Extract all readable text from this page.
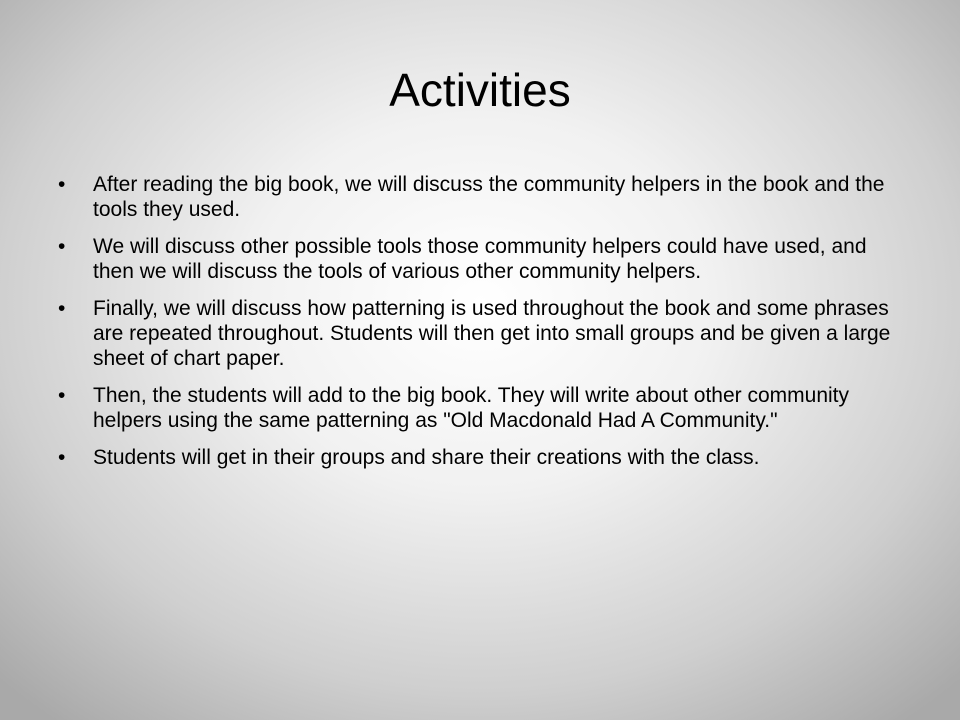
Activities
•	After reading the big book, we will discuss the community helpers in the book and the tools they used.
•	We will discuss other possible tools those community helpers could have used, and then we will discuss the tools of various other community helpers.
•	Finally, we will discuss how patterning is used throughout the book and some phrases are repeated throughout. Students will then get into small groups and be given a large sheet of chart paper.
•	Then, the students will add to the big book. They will write about other community helpers using the same patterning as "Old Macdonald Had A Community."
•	Students will get in their groups and share their creations with the class.
